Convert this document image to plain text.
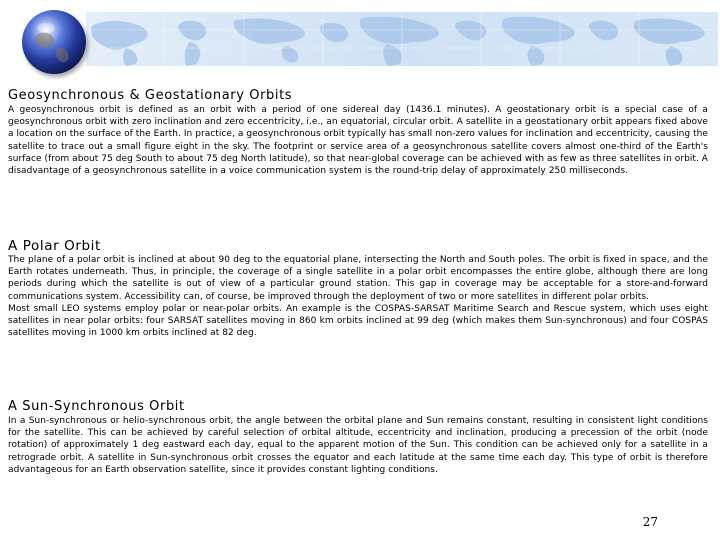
Geosynchronous & Geostationary Orbits

A geosynchronous orbit is defined as an orbit with a period of one sidereal day (1436.1 minutes). A geostationary orbit is a special case of a geosynchronous orbit with zero inclination and zero eccentricity, i.e., an equatorial, circular orbit. A satellite in a geostationary orbit appears fixed above a location on the surface of the Earth. In practice, a geosynchronous orbit typically has small non-zero values for inclination and eccentricity, causing the satellite to trace out a small figure eight in the sky. The footprint or service area of a geosynchronous satellite covers almost one-third of the Earth's surface (from about 75 deg South to about 75 deg North latitude), so that near-global coverage can be achieved with as few as three satellites in orbit. A disadvantage of a geosynchronous satellite in a voice communication system is the round-trip delay of approximately 250 milliseconds.

A Polar Orbit

The plane of a polar orbit is inclined at about 90 deg to the equatorial plane, intersecting the North and South poles. The orbit is fixed in space, and the Earth rotates underneath. Thus, in principle, the coverage of a single satellite in a polar orbit encompasses the entire globe, although there are long periods during which the satellite is out of view of a particular ground station. This gap in coverage may be acceptable for a store-and-forward communications system. Accessibility can, of course, be improved through the deployment of two or more satellites in different polar orbits.

Most small LEO systems employ polar or near-polar orbits. An example is the COSPAS-SARSAT Maritime Search and Rescue system, which uses eight satellites in near polar orbits: four SARSAT satellites moving in 860 km orbits inclined at 99 deg (which makes them Sun-synchronous) and four COSPAS satellites moving in 1000 km orbits inclined at 82 deg.

A Sun-Synchronous Orbit

In a Sun-synchronous or helio-synchronous orbit, the angle between the orbital plane and Sun remains constant, resulting in consistent light conditions for the satellite. This can be achieved by careful selection of orbital altitude, eccentricity and inclination, producing a precession of the orbit (node rotation) of approximately 1 deg eastward each day, equal to the apparent motion of the Sun. This condition can be achieved only for a satellite in a retrograde orbit. A satellite in Sun-synchronous orbit crosses the equator and each latitude at the same time each day. This type of orbit is therefore advantageous for an Earth observation satellite, since it provides constant lighting conditions.

27
